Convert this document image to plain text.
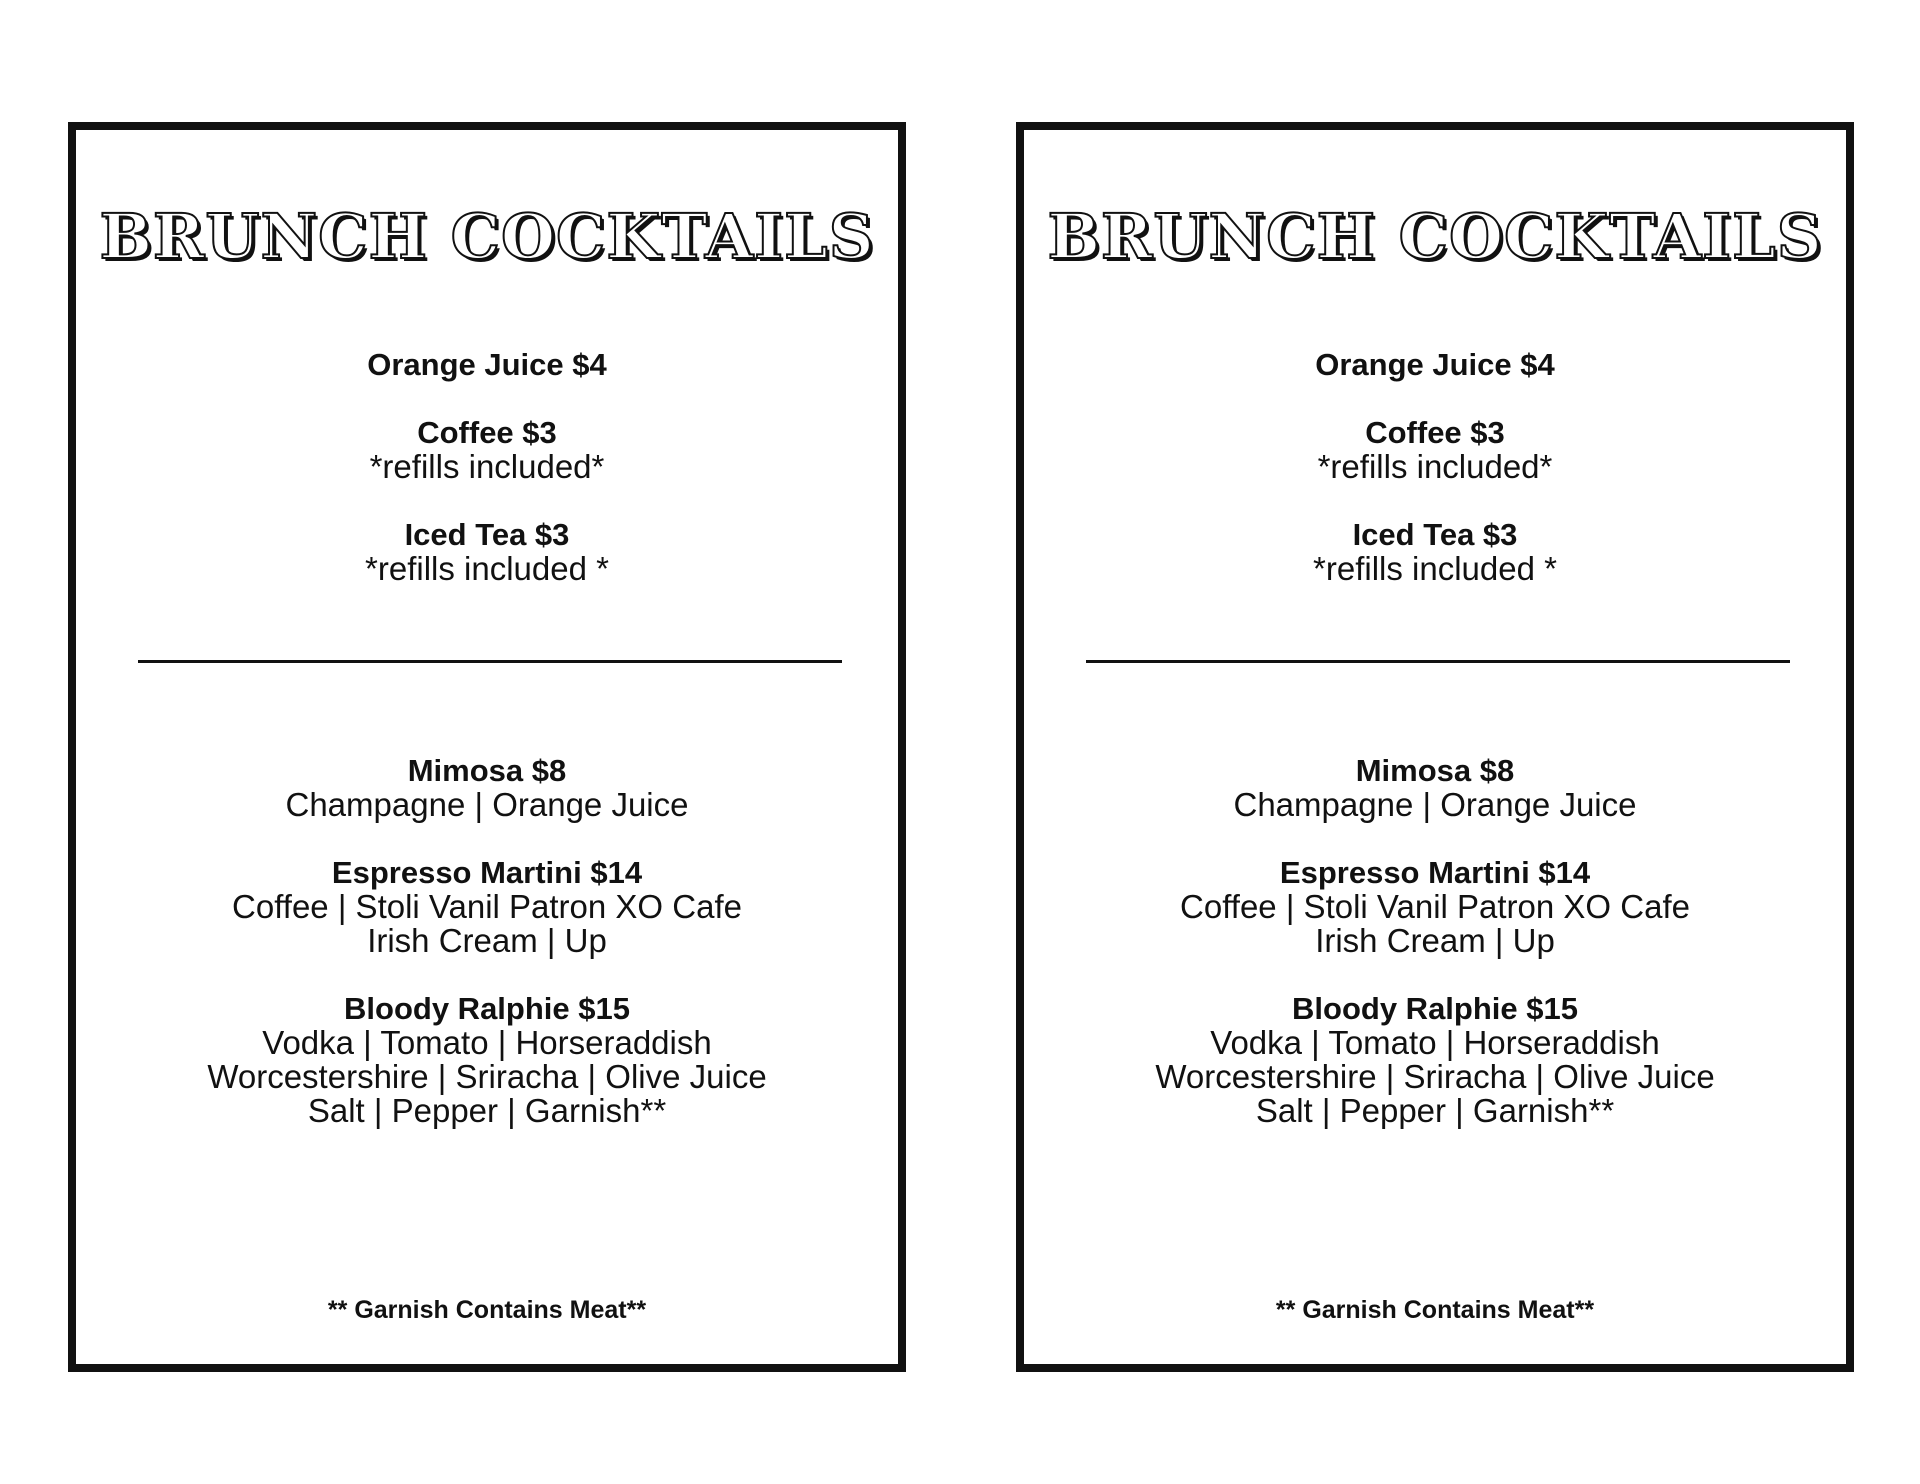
BRUNCH COCKTAILS
Orange Juice $4
Coffee $3
*refills included*
Iced Tea $3
*refills included *
Mimosa $8
Champagne | Orange Juice
Espresso Martini $14
Coffee | Stoli Vanil Patron XO Cafe
Irish Cream | Up
Bloody Ralphie $15
Vodka | Tomato | Horseraddish
Worcestershire | Sriracha | Olive Juice
Salt | Pepper | Garnish**
** Garnish Contains Meat**
BRUNCH COCKTAILS
Orange Juice $4
Coffee $3
*refills included*
Iced Tea $3
*refills included *
Mimosa $8
Champagne | Orange Juice
Espresso Martini $14
Coffee | Stoli Vanil Patron XO Cafe
Irish Cream | Up
Bloody Ralphie $15
Vodka | Tomato | Horseraddish
Worcestershire | Sriracha | Olive Juice
Salt | Pepper | Garnish**
** Garnish Contains Meat**
